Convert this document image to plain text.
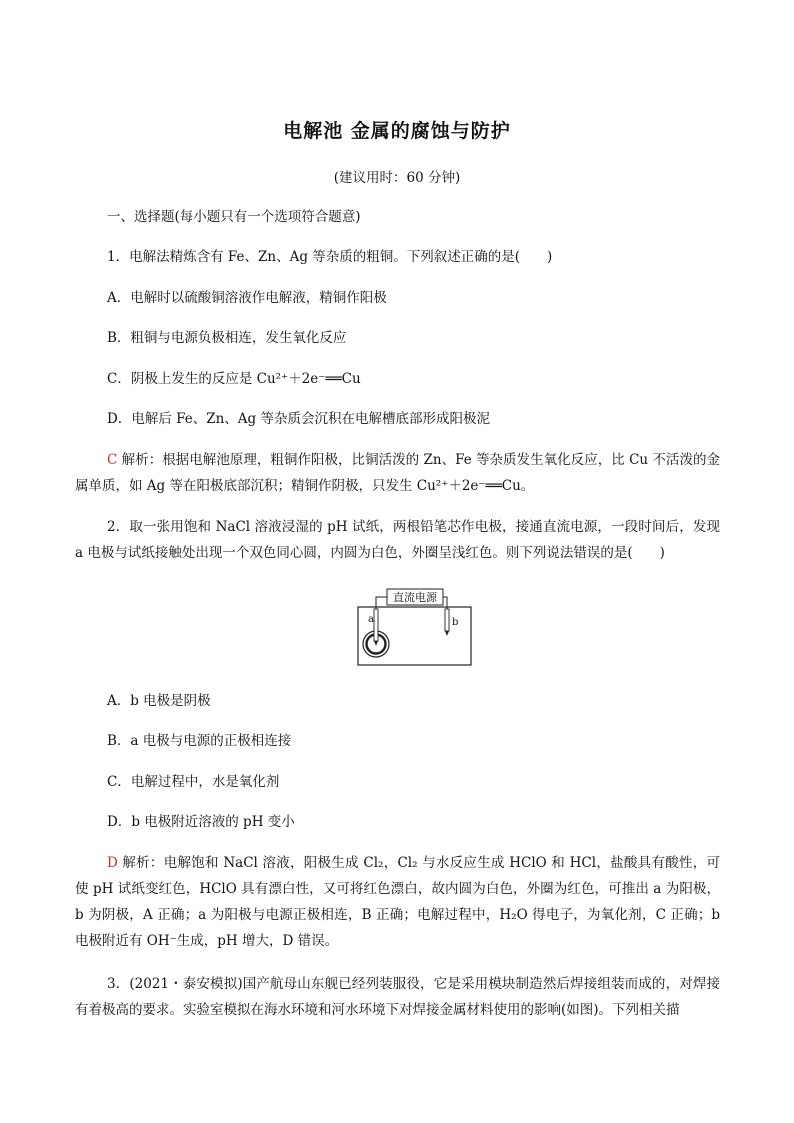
电解池 金属的腐蚀与防护
(建议用时：60 分钟)
一、选择题(每小题只有一个选项符合题意)
1．电解法精炼含有 Fe、Zn、Ag 等杂质的粗铜。下列叙述正确的是(　　)
A．电解时以硫酸铜溶液作电解液，精铜作阳极
B．粗铜与电源负极相连，发生氧化反应
C．阴极上发生的反应是 Cu²⁺＋2e⁻══Cu
D．电解后 Fe、Zn、Ag 等杂质会沉积在电解槽底部形成阳极泥
C 解析：根据电解池原理，粗铜作阳极，比铜活泼的 Zn、Fe 等杂质发生氧化反应，比 Cu 不活泼的金属单质，如 Ag 等在阳极底部沉积；精铜作阴极，只发生 Cu²⁺＋2e⁻══Cu。
2．取一张用饱和 NaCl 溶液浸湿的 pH 试纸，两根铅笔芯作电极，接通直流电源，一段时间后，发现 a 电极与试纸接触处出现一个双色同心圆，内圆为白色，外圈呈浅红色。则下列说法错误的是(　　)
直流电源
a	b
A．b 电极是阴极
B．a 电极与电源的正极相连接
C．电解过程中，水是氧化剂
D．b 电极附近溶液的 pH 变小
D 解析：电解饱和 NaCl 溶液，阳极生成 Cl₂，Cl₂ 与水反应生成 HClO 和 HCl，盐酸具有酸性，可使 pH 试纸变红色，HClO 具有漂白性，又可将红色漂白，故内圆为白色，外圈为红色，可推出 a 为阳极，b 为阴极，A 正确；a 为阳极与电源正极相连，B 正确；电解过程中，H₂O 得电子，为氧化剂，C 正确；b 电极附近有 OH⁻生成，pH 增大，D 错误。
3．(2021・泰安模拟)国产航母山东舰已经列装服役，它是采用模块制造然后焊接组装而成的，对焊接有着极高的要求。实验室模拟在海水环境和河水环境下对焊接金属材料使用的影响(如图)。下列相关描
